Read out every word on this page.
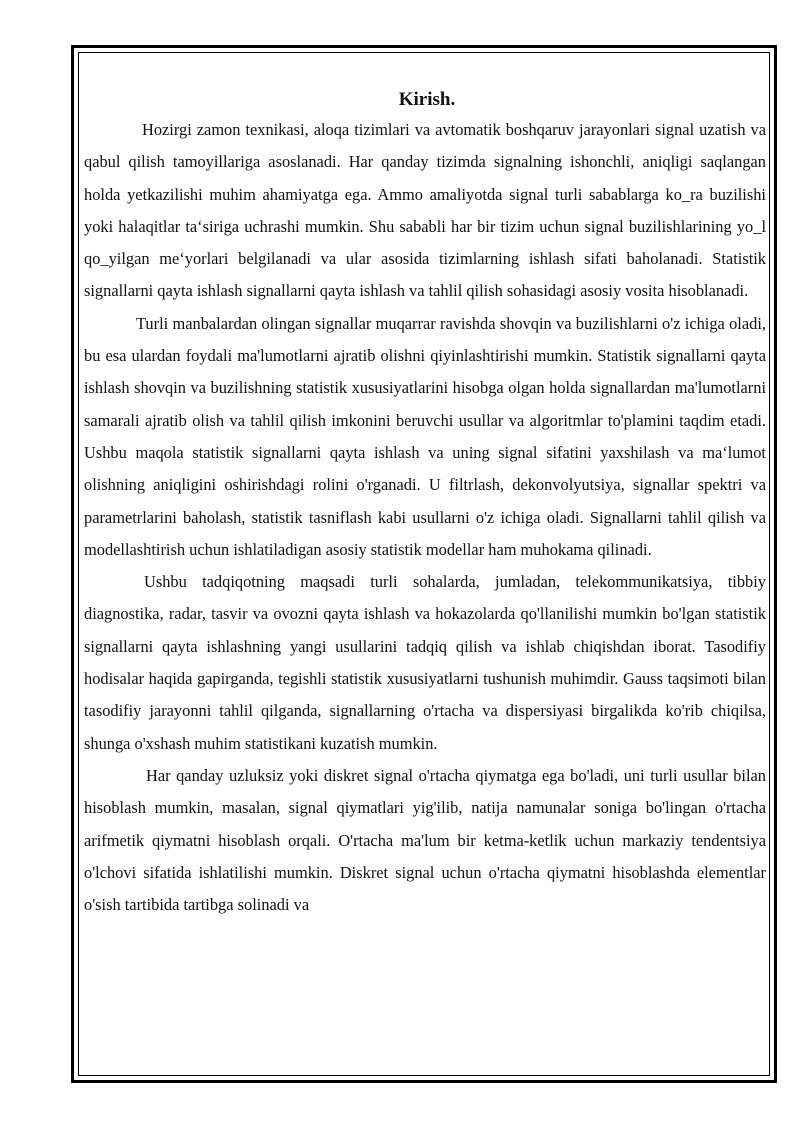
Kirish.

Hozirgi zamon texnikasi, aloqa tizimlari va avtomatik boshqaruv jarayonlari signal uzatish va qabul qilish tamoyillariga asoslanadi. Har qanday tizimda signalning ishonchli, aniqligi saqlangan holda yetkazilishi muhim ahamiyatga ega. Ammo amaliyotda signal turli sabablarga ko_ra buzilishi yoki halaqitlar ta‘siriga uchrashi mumkin. Shu sababli har bir tizim uchun signal buzilishlarining yo_l qo_yilgan me‘yorlari belgilanadi va ular asosida tizimlarning ishlash sifati baholanadi. Statistik signallarni qayta ishlash signallarni qayta ishlash va tahlil qilish sohasidagi asosiy vosita hisoblanadi.

Turli manbalardan olingan signallar muqarrar ravishda shovqin va buzilishlarni o'z ichiga oladi, bu esa ulardan foydali ma'lumotlarni ajratib olishni qiyinlashtirishi mumkin. Statistik signallarni qayta ishlash shovqin va buzilishning statistik xususiyatlarini hisobga olgan holda signallardan ma'lumotlarni samarali ajratib olish va tahlil qilish imkonini beruvchi usullar va algoritmlar to'plamini taqdim etadi. Ushbu maqola statistik signallarni qayta ishlash va uning signal sifatini yaxshilash va ma‘lumot olishning aniqligini oshirishdagi rolini o'rganadi. U filtrlash, dekonvolyutsiya, signallar spektri va parametrlarini baholash, statistik tasniflash kabi usullarni o'z ichiga oladi. Signallarni tahlil qilish va modellashtirish uchun ishlatiladigan asosiy statistik modellar ham muhokama qilinadi.

Ushbu tadqiqotning maqsadi turli sohalarda, jumladan, telekommunikatsiya, tibbiy diagnostika, radar, tasvir va ovozni qayta ishlash va hokazolarda qo'llanilishi mumkin bo'lgan statistik signallarni qayta ishlashning yangi usullarini tadqiq qilish va ishlab chiqishdan iborat. Tasodifiy hodisalar haqida gapirganda, tegishli statistik xususiyatlarni tushunish muhimdir. Gauss taqsimoti bilan tasodifiy jarayonni tahlil qilganda, signallarning o'rtacha va dispersiyasi birgalikda ko'rib chiqilsa, shunga o'xshash muhim statistikani kuzatish mumkin.

Har qanday uzluksiz yoki diskret signal o'rtacha qiymatga ega bo'ladi, uni turli usullar bilan hisoblash mumkin, masalan, signal qiymatlari yig'ilib, natija namunalar soniga bo'lingan o'rtacha arifmetik qiymatni hisoblash orqali. O'rtacha ma'lum bir ketma-ketlik uchun markaziy tendentsiya o'lchovi sifatida ishlatilishi mumkin. Diskret signal uchun o'rtacha qiymatni hisoblashda elementlar o'sish tartibida tartibga solinadi va
